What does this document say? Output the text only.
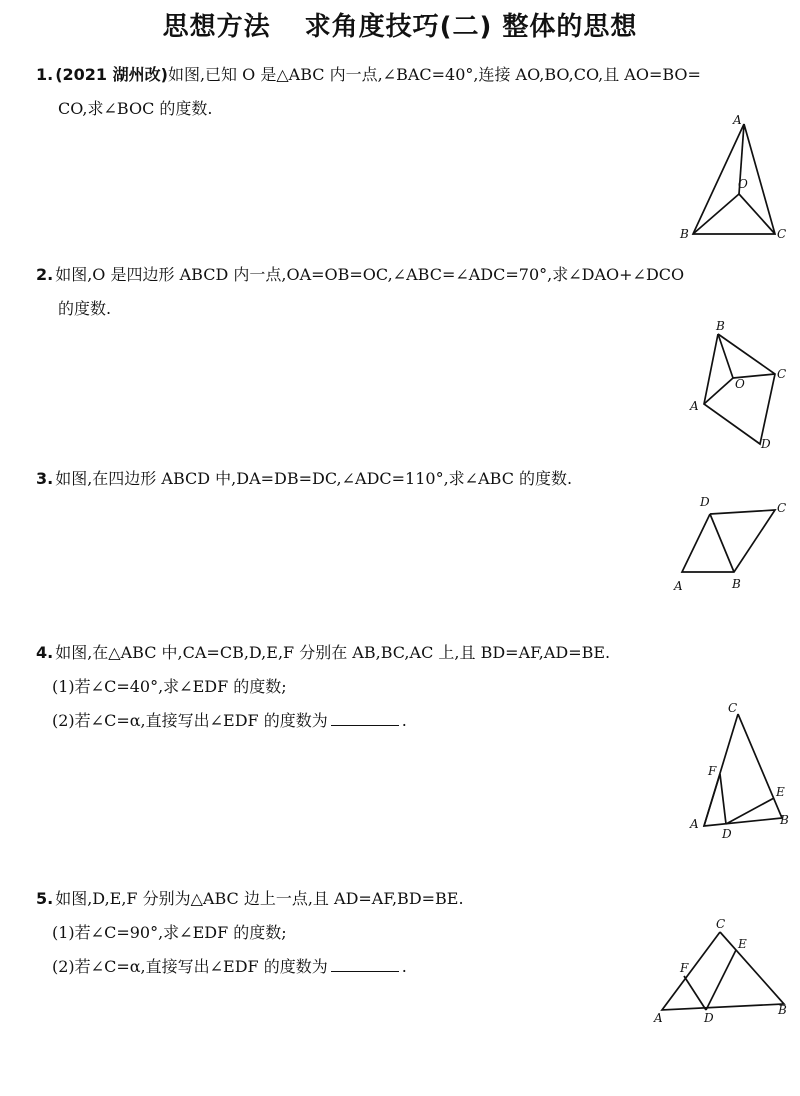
思想方法 求角度技巧(二) 整体的思想
1. (2021 湖州改)如图,已知 O 是△ABC 内一点,∠BAC=40°,连接 AO,BO,CO,且 AO=BO=
CO,求∠BOC 的度数.
A
O
B	C
2. 如图,O 是四边形 ABCD 内一点,OA=OB=OC,∠ABC=∠ADC=70°,求∠DAO+∠DCO
的度数.
B
C
O
A
D
3. 如图,在四边形 ABCD 中,DA=DB=DC,∠ADC=110°,求∠ABC 的度数.
D	C
A	B
4. 如图,在△ABC 中,CA=CB,D,E,F 分别在 AB,BC,AC 上,且 BD=AF,AD=BE.
(1)若∠C=40°,求∠EDF 的度数;
(2)若∠C=α,直接写出∠EDF 的度数为	.
C
F
E
A
D
B
5. 如图,D,E,F 分别为△ABC 边上一点,且 AD=AF,BD=BE.
(1)若∠C=90°,求∠EDF 的度数;
(2)若∠C=α,直接写出∠EDF 的度数为	.
C
E
F
A	D
B
